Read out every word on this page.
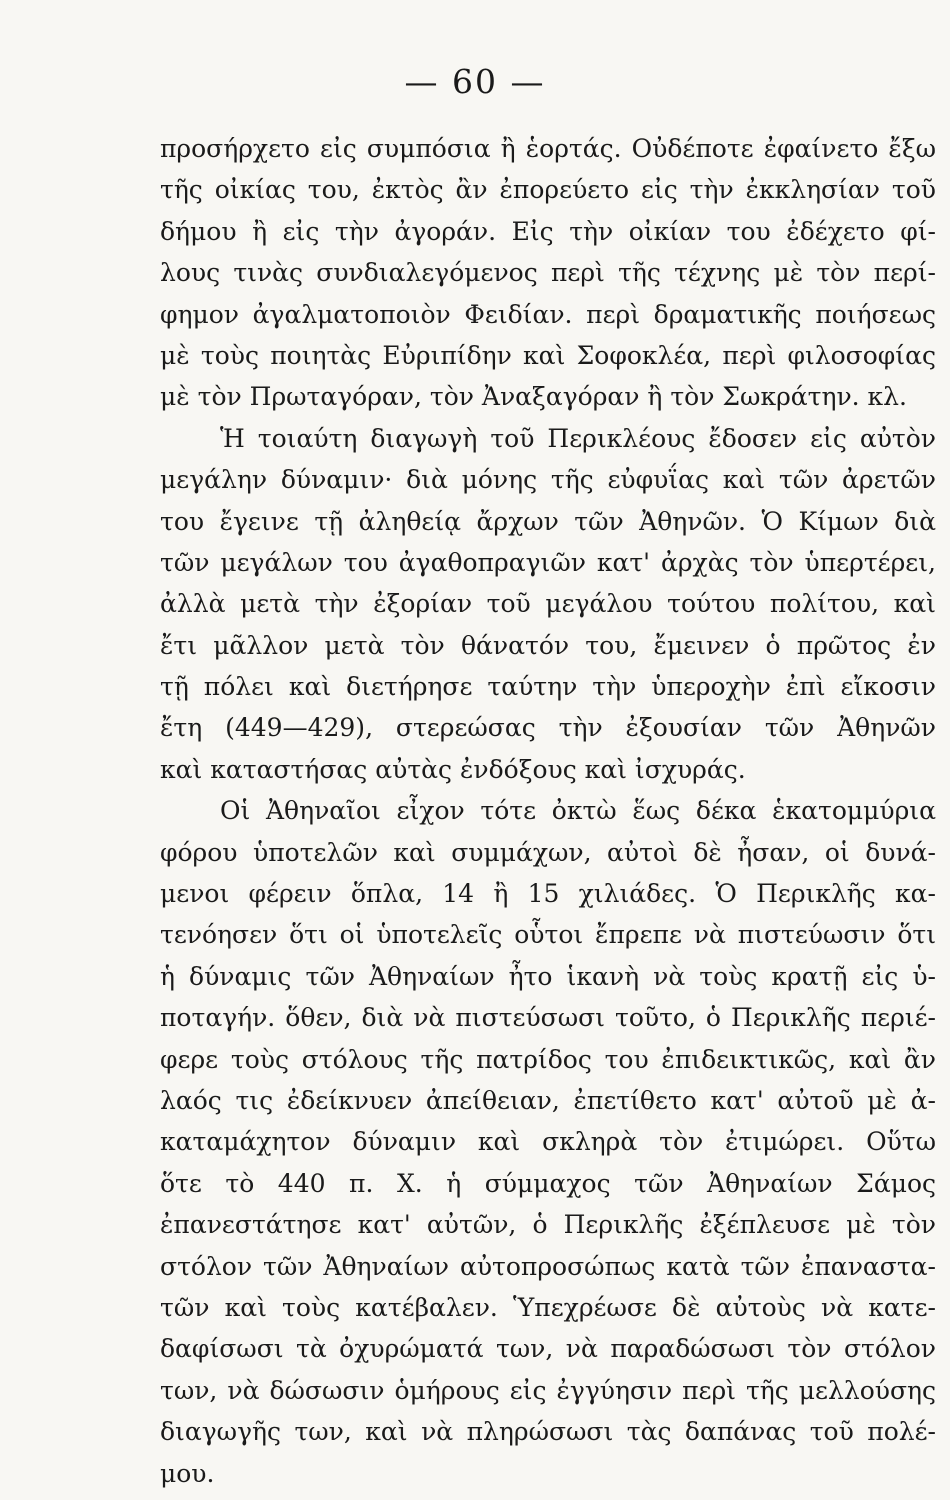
— 60 —
προσήρχετο εἰς συμπόσια ἢ ἑορτάς. Οὐδέποτε ἐφαίνετο ἔξω
τῆς οἰκίας του, ἐκτὸς ἂν ἐπορεύετο εἰς τὴν ἐκκλησίαν τοῦ
δήμου ἢ εἰς τὴν ἀγοράν. Εἰς τὴν οἰκίαν του ἐδέχετο φί-
λους τινὰς συνδιαλεγόμενος περὶ τῆς τέχνης μὲ τὸν περί-
φημον ἀγαλματοποιὸν Φειδίαν. περὶ δραματικῆς ποιήσεως
μὲ τοὺς ποιητὰς Εὐριπίδην καὶ Σοφοκλέα, περὶ φιλοσοφίας
μὲ τὸν Πρωταγόραν, τὸν Ἀναξαγόραν ἢ τὸν Σωκράτην. κλ.
Ἡ τοιαύτη διαγωγὴ τοῦ Περικλέους ἔδοσεν εἰς αὐτὸν
μεγάλην δύναμιν· διὰ μόνης τῆς εὐφυΐας καὶ τῶν ἀρετῶν
του ἔγεινε τῇ ἀληθείᾳ ἄρχων τῶν Ἀθηνῶν. Ὁ Κίμων διὰ
τῶν μεγάλων του ἀγαθοπραγιῶν κατ' ἀρχὰς τὸν ὑπερτέρει,
ἀλλὰ μετὰ τὴν ἐξορίαν τοῦ μεγάλου τούτου πολίτου, καὶ
ἔτι μᾶλλον μετὰ τὸν θάνατόν του, ἔμεινεν ὁ πρῶτος ἐν
τῇ πόλει καὶ διετήρησε ταύτην τὴν ὑπεροχὴν ἐπὶ εἴκοσιν
ἔτη (449—429), στερεώσας τὴν ἐξουσίαν τῶν Ἀθηνῶν
καὶ καταστήσας αὐτὰς ἐνδόξους καὶ ἰσχυράς.
Οἱ Ἀθηναῖοι εἶχον τότε ὀκτὼ ἕως δέκα ἑκατομμύρια
φόρου ὑποτελῶν καὶ συμμάχων, αὐτοὶ δὲ ἦσαν, οἱ δυνά-
μενοι φέρειν ὅπλα, 14 ἢ 15 χιλιάδες. Ὁ Περικλῆς κα-
τενόησεν ὅτι οἱ ὑποτελεῖς οὗτοι ἔπρεπε νὰ πιστεύωσιν ὅτι
ἡ δύναμις τῶν Ἀθηναίων ἦτο ἱκανὴ νὰ τοὺς κρατῇ εἰς ὑ-
ποταγήν. ὅθεν, διὰ νὰ πιστεύσωσι τοῦτο, ὁ Περικλῆς περιέ-
φερε τοὺς στόλους τῆς πατρίδος του ἐπιδεικτικῶς, καὶ ἂν
λαός τις ἐδείκνυεν ἀπείθειαν, ἐπετίθετο κατ' αὐτοῦ μὲ ἀ-
καταμάχητον δύναμιν καὶ σκληρὰ τὸν ἐτιμώρει. Οὕτω
ὅτε τὸ 440 π. Χ. ἡ σύμμαχος τῶν Ἀθηναίων Σάμος
ἐπανεστάτησε κατ' αὐτῶν, ὁ Περικλῆς ἐξέπλευσε μὲ τὸν
στόλον τῶν Ἀθηναίων αὐτοπροσώπως κατὰ τῶν ἐπαναστα-
τῶν καὶ τοὺς κατέβαλεν. Ὑπεχρέωσε δὲ αὐτοὺς νὰ κατε-
δαφίσωσι τὰ ὀχυρώματά των, νὰ παραδώσωσι τὸν στόλον
των, νὰ δώσωσιν ὁμήρους εἰς ἐγγύησιν περὶ τῆς μελλούσης
διαγωγῆς των, καὶ νὰ πληρώσωσι τὰς δαπάνας τοῦ πολέ-
μου.
